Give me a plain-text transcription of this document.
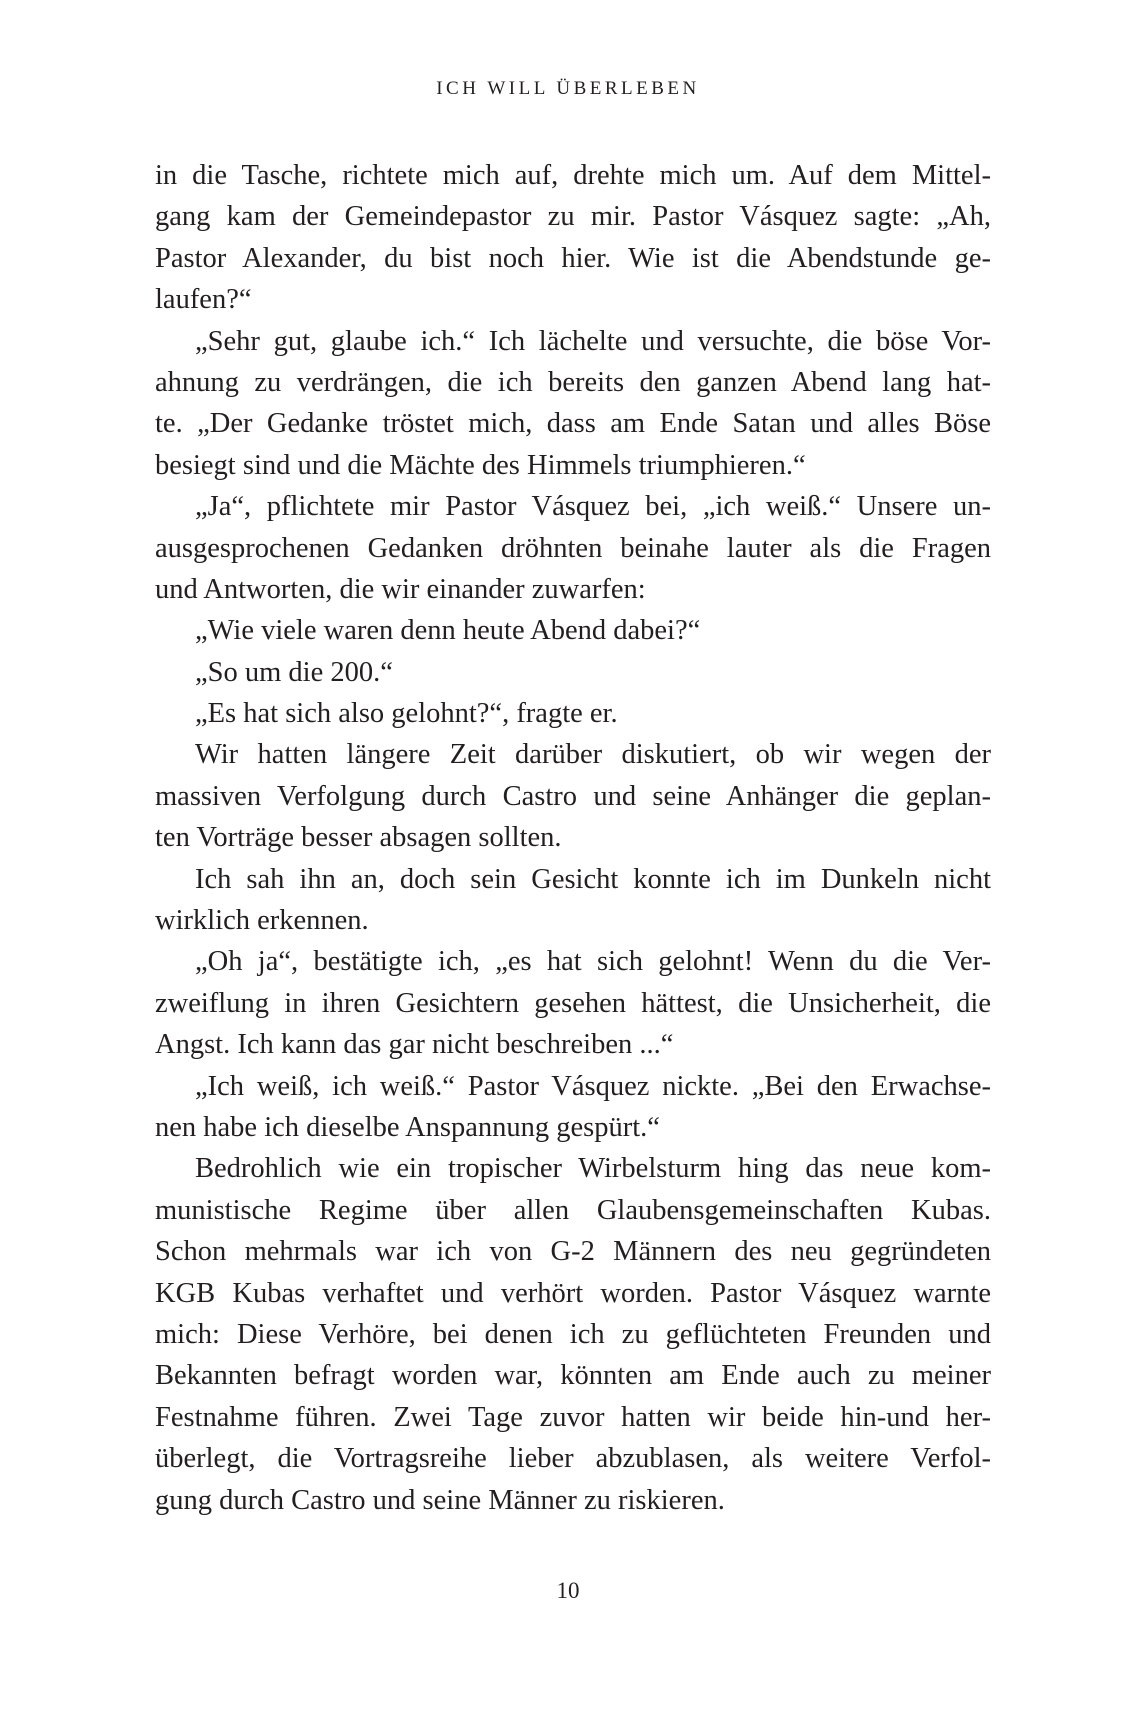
ICH WILL ÜBERLEBEN
in die Tasche, richtete mich auf, drehte mich um. Auf dem Mittel-
gang kam der Gemeindepastor zu mir. Pastor Vásquez sagte: „Ah,
Pastor Alexander, du bist noch hier. Wie ist die Abendstunde ge-
laufen?“
„Sehr gut, glaube ich.“ Ich lächelte und versuchte, die böse Vor-
ahnung zu verdrängen, die ich bereits den ganzen Abend lang hat-
te. „Der Gedanke tröstet mich, dass am Ende Satan und alles Böse
besiegt sind und die Mächte des Himmels triumphieren.“
„Ja“, pflichtete mir Pastor Vásquez bei, „ich weiß.“ Unsere un-
ausgesprochenen Gedanken dröhnten beinahe lauter als die Fragen
und Antworten, die wir einander zuwarfen:
„Wie viele waren denn heute Abend dabei?“
„So um die 200.“
„Es hat sich also gelohnt?“, fragte er.
Wir hatten längere Zeit darüber diskutiert, ob wir wegen der
massiven Verfolgung durch Castro und seine Anhänger die geplan-
ten Vorträge besser absagen sollten.
Ich sah ihn an, doch sein Gesicht konnte ich im Dunkeln nicht
wirklich erkennen.
„Oh ja“, bestätigte ich, „es hat sich gelohnt! Wenn du die Ver-
zweiflung in ihren Gesichtern gesehen hättest, die Unsicherheit, die
Angst. Ich kann das gar nicht beschreiben ...“
„Ich weiß, ich weiß.“ Pastor Vásquez nickte. „Bei den Erwachse-
nen habe ich dieselbe Anspannung gespürt.“
Bedrohlich wie ein tropischer Wirbelsturm hing das neue kom-
munistische Regime über allen Glaubensgemeinschaften Kubas.
Schon mehrmals war ich von G-2 Männern des neu gegründeten
KGB Kubas verhaftet und verhört worden. Pastor Vásquez warnte
mich: Diese Verhöre, bei denen ich zu geflüchteten Freunden und
Bekannten befragt worden war, könnten am Ende auch zu meiner
Festnahme führen. Zwei Tage zuvor hatten wir beide hin-und her-
überlegt, die Vortragsreihe lieber abzublasen, als weitere Verfol-
gung durch Castro und seine Männer zu riskieren.
10
